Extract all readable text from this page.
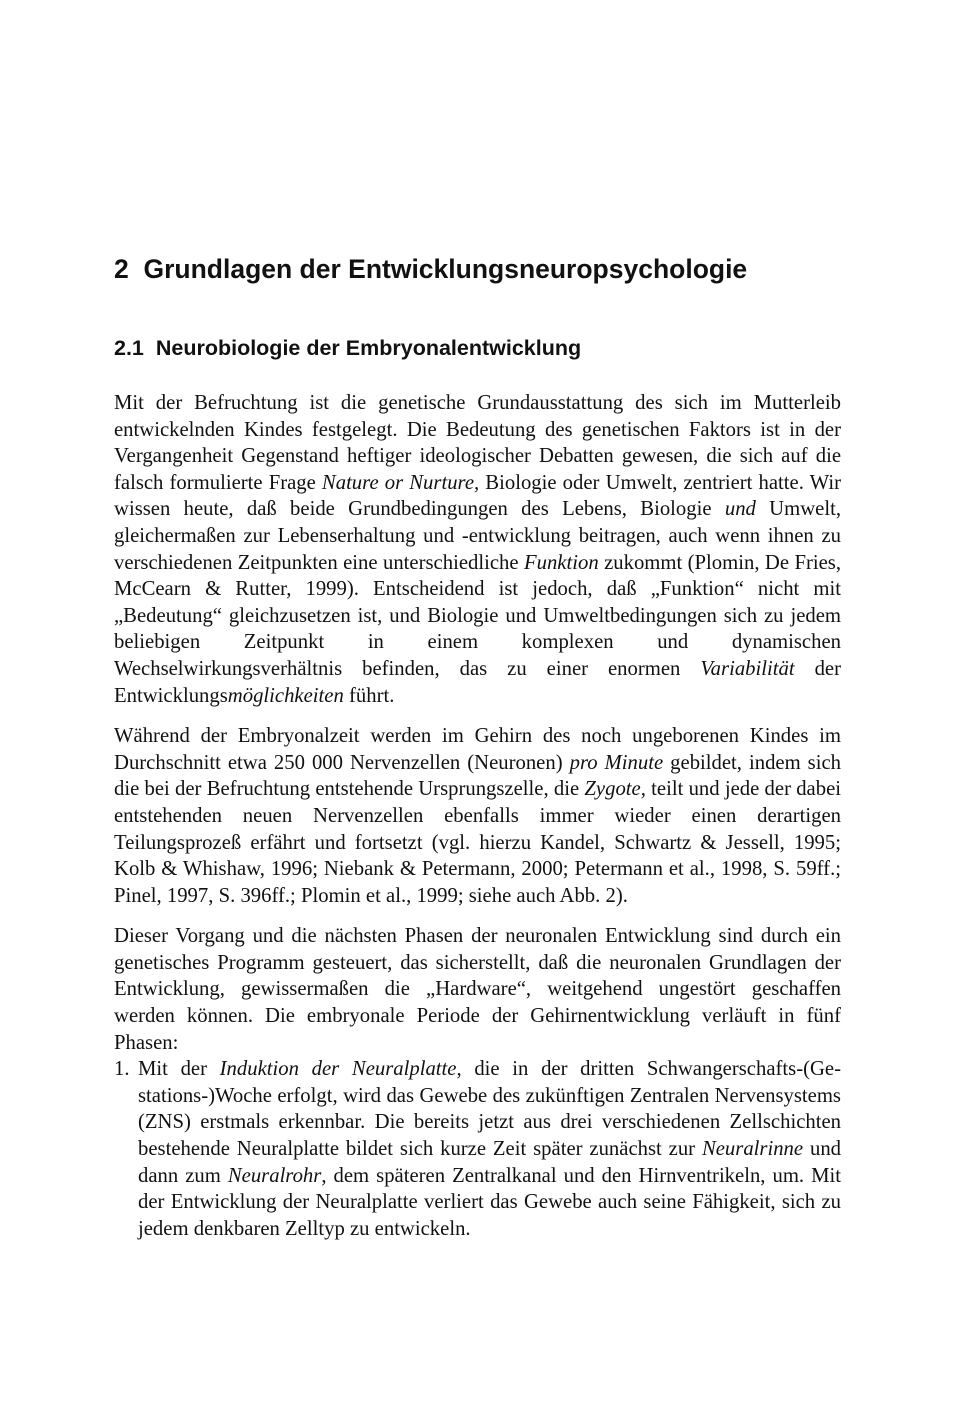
2 Grundlagen der Entwicklungsneuropsychologie
2.1 Neurobiologie der Embryonalentwicklung

Mit der Befruchtung ist die genetische Grundausstattung des sich im Mutterleib entwickelnden Kindes festgelegt. Die Bedeutung des genetischen Faktors ist in der Vergangenheit Gegenstand heftiger ideologischer Debatten gewesen, die sich auf die falsch formulierte Frage Nature or Nurture, Biologie oder Umwelt, zentriert hatte. Wir wissen heute, daß beide Grundbedingungen des Lebens, Biologie und Umwelt, gleichermaßen zur Lebenserhaltung und -entwicklung beitragen, auch wenn ihnen zu verschiedenen Zeitpunkten eine unterschiedliche Funktion zukommt (Plomin, De Fries, McCearn & Rutter, 1999). Entscheidend ist jedoch, daß „Funktion“ nicht mit „Bedeutung“ gleichzusetzen ist, und Biologie und Umweltbedingungen sich zu jedem beliebigen Zeitpunkt in einem komplexen und dynamischen Wechselwirkungsverhältnis befinden, das zu einer enormen Variabilität der Entwicklungsmöglichkeiten führt.

Während der Embryonalzeit werden im Gehirn des noch ungeborenen Kindes im Durchschnitt etwa 250 000 Nervenzellen (Neuronen) pro Minute gebildet, indem sich die bei der Befruchtung entstehende Ursprungszelle, die Zygote, teilt und jede der dabei entstehenden neuen Nervenzellen ebenfalls immer wieder einen derartigen Teilungsprozeß erfährt und fortsetzt (vgl. hierzu Kandel, Schwartz & Jessell, 1995; Kolb & Whishaw, 1996; Niebank & Petermann, 2000; Petermann et al., 1998, S. 59ff.; Pinel, 1997, S. 396ff.; Plomin et al., 1999; siehe auch Abb. 2).

Dieser Vorgang und die nächsten Phasen der neuronalen Entwicklung sind durch ein genetisches Programm gesteuert, das sicherstellt, daß die neuronalen Grundlagen der Entwicklung, gewissermaßen die „Hardware“, weitgehend ungestört geschaffen werden können. Die embryonale Periode der Gehirnentwicklung verläuft in fünf Phasen:

1. Mit der Induktion der Neuralplatte, die in der dritten Schwangerschafts-(Gestations-)Woche erfolgt, wird das Gewebe des zukünftigen Zentralen Nervensystems (ZNS) erstmals erkennbar. Die bereits jetzt aus drei verschiedenen Zellschichten bestehende Neuralplatte bildet sich kurze Zeit später zunächst zur Neuralrinne und dann zum Neuralrohr, dem späteren Zentralkanal und den Hirnventrikeln, um. Mit der Entwicklung der Neuralplatte verliert das Gewebe auch seine Fähigkeit, sich zu jedem denkbaren Zelltyp zu entwickeln.
